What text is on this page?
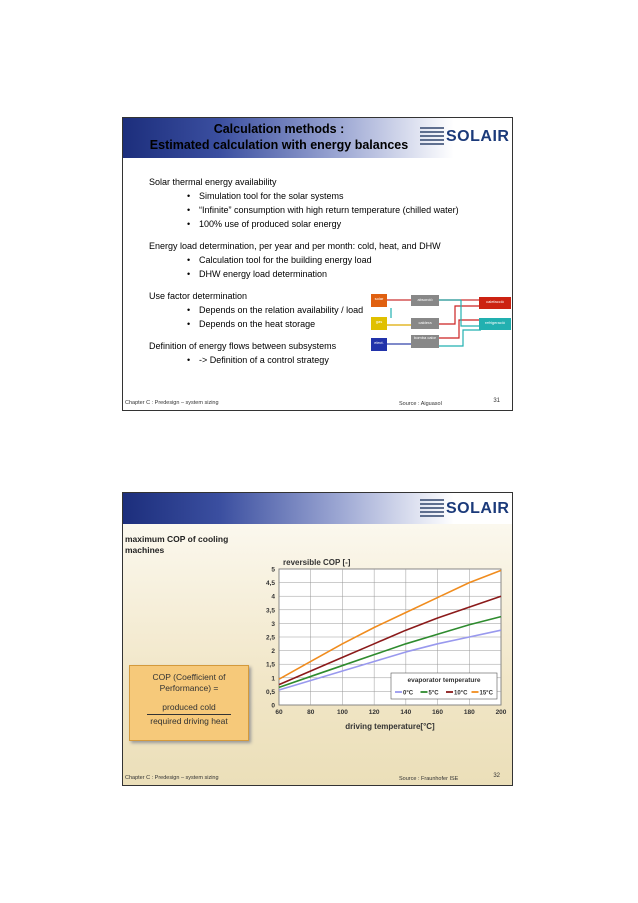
Calculation methods :
Estimated calculation with energy balances	SOLAIR
Solar thermal energy availability
• Simulation tool for the solar systems
• “Infinite” consumption with high return temperature (chilled water)
• 100% use of produced solar energy
Energy load determination, per year and per month: cold, heat, and DHW
• Calculation tool for the building energy load
• DHW energy load determination
Use factor determination
• Depends on the relation availability / load
• Depends on the heat storage
Definition of energy flows between subsystems
• -> Definition of a control strategy
solar
gas
elect.
absorció
caldera
bomba calor
calefacció
refrigeració
Chapter C : Predesign – system sizing	Source : Aiguasol	31
SOLAIR
maximum COP of cooling
machines
COP (Coefficient of
Performance) =
produced cold
required driving heat
0
0,5
1
1,5
2
2,5
3
3,5
4
4,5
5
60	80	100	120	140	160	180	200
reversible COP [-]
driving temperature[°C]
evaporator temperature
0°C	5°C	10°C 15°C
Chapter C : Predesign – system sizing	Source : Fraunhofer ISE	32
